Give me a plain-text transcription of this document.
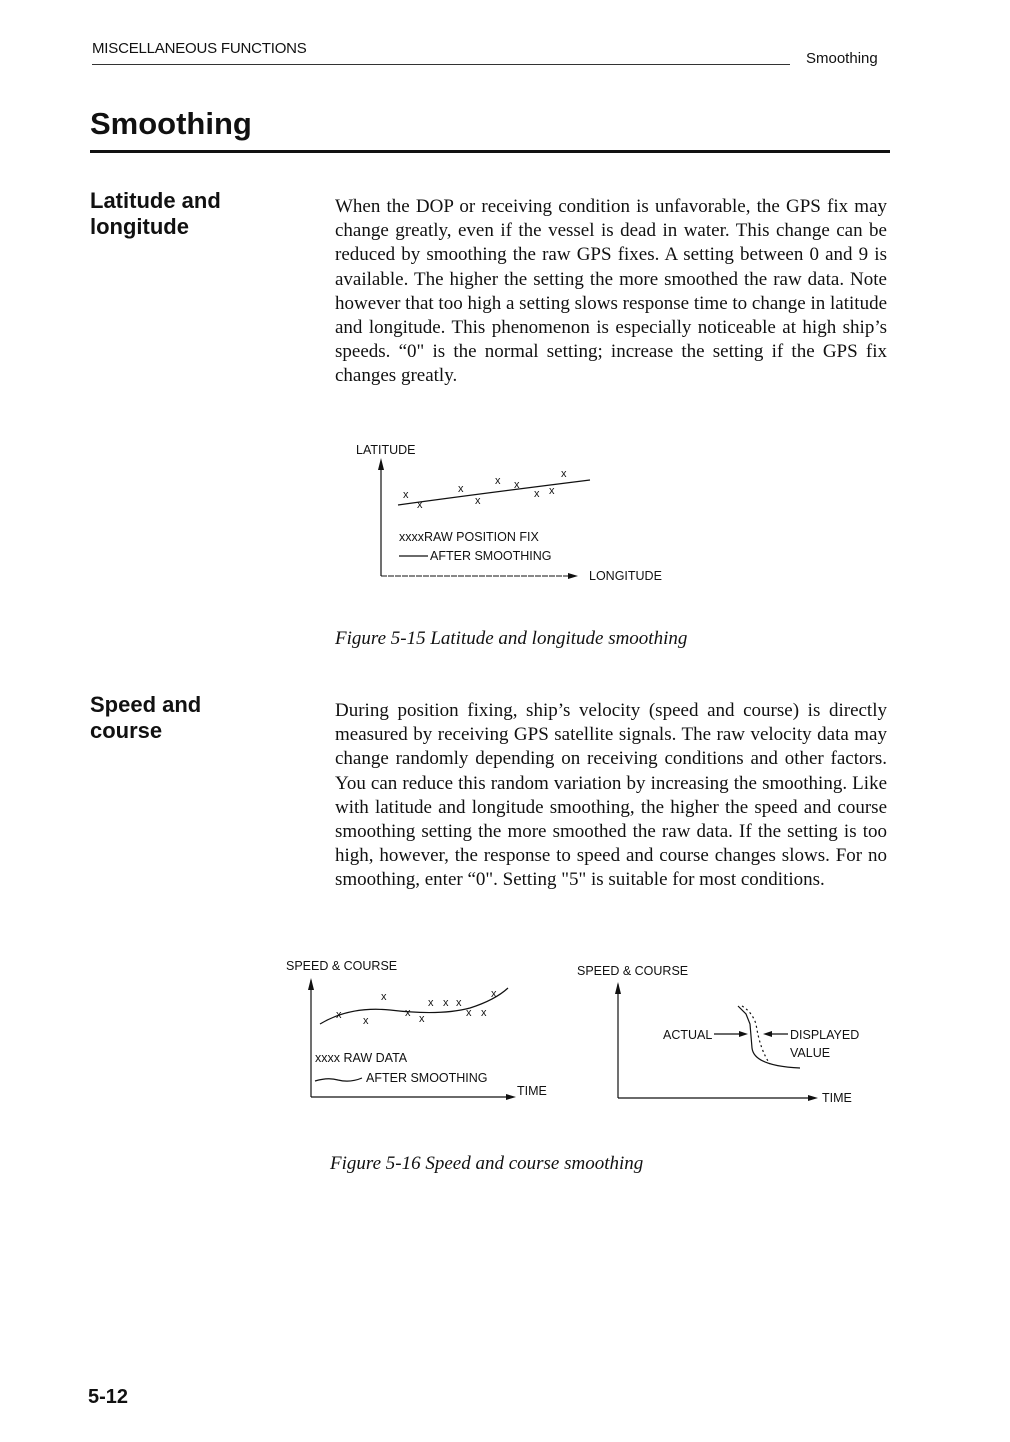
MISCELLANEOUS FUNCTIONS
Smoothing
Smoothing
Latitude and
longitude
When the DOP or receiving condition is unfavorable, the GPS fix may change greatly, even if the vessel is dead in water. This change can be reduced by smoothing the raw GPS fixes. A setting between 0 and 9 is available. The higher the setting the more smoothed the raw data. Note however that too high a setting slows response time to change in latitude and longitude. This phenomenon is especially noticeable at high ship’s speeds. “0" is the normal setting; increase the setting if the GPS fix changes greatly.
LATITUDE
x
x
x
x
x x
x x
x
xxxxRAW POSITION FIX
AFTER SMOOTHING
LONGITUDE
Figure 5-15 Latitude and longitude smoothing
Speed and
course
During position fixing, ship’s velocity (speed and course) is directly measured by receiving GPS satellite signals. The raw velocity data may change randomly depending on receiving conditions and other factors. You can reduce this random variation by increasing the smoothing. Like with latitude and longitude smoothing, the higher the speed and course smoothing setting the more smoothed the raw data. If the setting is too high, however, the response to speed and course changes slows. For no smoothing, enter “0". Setting "5" is suitable for most conditions.
SPEED & COURSE
x x
x
x x
x x x
x x
x
xxxx RAW DATA
AFTER SMOOTHING
TIME
SPEED & COURSE
ACTUAL	DISPLAYED
VALUE
TIME
Figure 5-16 Speed and course smoothing
5-12
